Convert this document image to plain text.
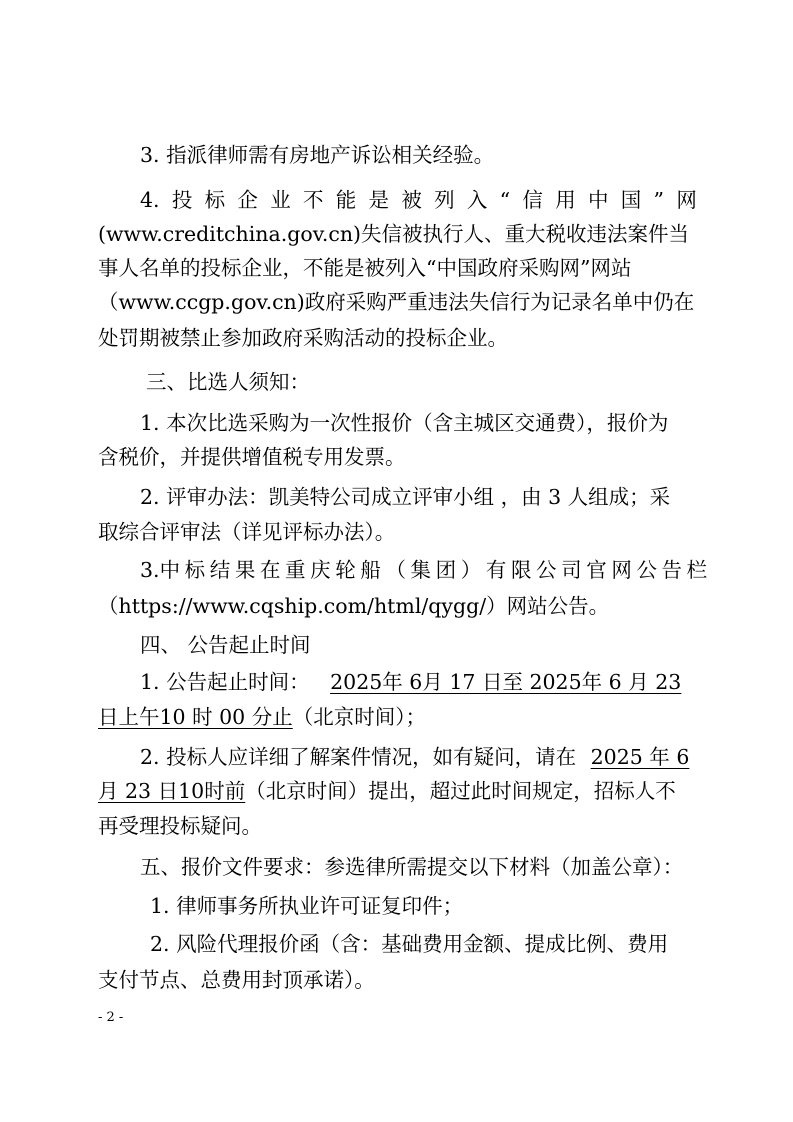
3. 指派律师需有房地产诉讼相关经验。
4. 投 标 企 业 不 能 是 被 列 入 “ 信 用 中 国 ” 网
(www.creditchina.gov.cn)失信被执行人、重大税收违法案件当
事人名单的投标企业，不能是被列入“中国政府采购网”网站
（www.ccgp.gov.cn)政府采购严重违法失信行为记录名单中仍在
处罚期被禁止参加政府采购活动的投标企业。
三、比选人须知：
1. 本次比选采购为一次性报价（含主城区交通费），报价为
含税价，并提供增值税专用发票。
2. 评审办法：凯美特公司成立评审小组 ，由 3 人组成；采
取综合评审法（详见评标办法）。
3. 中标结果在重庆轮船（集团）有限公司官网公告栏
（https://www.cqship.com/html/qygg/）网站公告。
四、 公告起止时间
1. 公告起止时间： 2025年 6月 17 日至 2025年 6 月 23
日上午10 时 00 分止（北京时间）；
2. 投标人应详细了解案件情况，如有疑问，请在 2025 年 6
月 23 日10时前（北京时间）提出，超过此时间规定，招标人不
再受理投标疑问。
五、报价文件要求：参选律所需提交以下材料（加盖公章）：
1. 律师事务所执业许可证复印件；
2. 风险代理报价函（含：基础费用金额、提成比例、费用
支付节点、总费用封顶承诺）。
- 2 -
